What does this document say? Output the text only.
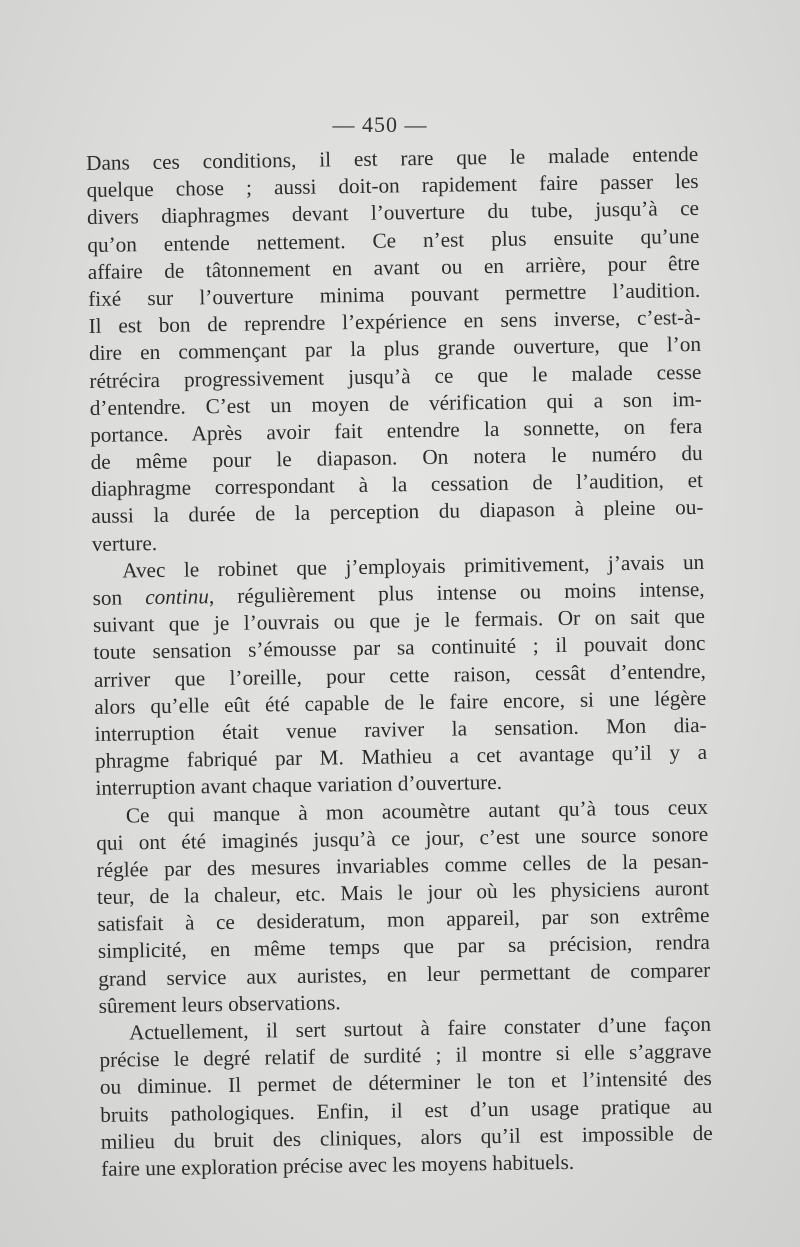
— 450 —
Dans ces conditions, il est rare que le malade entende
quelque chose ; aussi doit-on rapidement faire passer les
divers diaphragmes devant l’ouverture du tube, jusqu’à ce
qu’on entende nettement. Ce n’est plus ensuite qu’une
affaire de tâtonnement en avant ou en arrière, pour être
fixé sur l’ouverture minima pouvant permettre l’audition.
Il est bon de reprendre l’expérience en sens inverse, c’est-à-
dire en commençant par la plus grande ouverture, que l’on
rétrécira progressivement jusqu’à ce que le malade cesse
d’entendre. C’est un moyen de vérification qui a son im-
portance. Après avoir fait entendre la sonnette, on fera
de même pour le diapason. On notera le numéro du
diaphragme correspondant à la cessation de l’audition, et
aussi la durée de la perception du diapason à pleine ou-
verture.
Avec le robinet que j’employais primitivement, j’avais un
son continu, régulièrement plus intense ou moins intense,
suivant que je l’ouvrais ou que je le fermais. Or on sait que
toute sensation s’émousse par sa continuité ; il pouvait donc
arriver que l’oreille, pour cette raison, cessât d’entendre,
alors qu’elle eût été capable de le faire encore, si une légère
interruption était venue raviver la sensation. Mon dia-
phragme fabriqué par M. Mathieu a cet avantage qu’il y a
interruption avant chaque variation d’ouverture.
Ce qui manque à mon acoumètre autant qu’à tous ceux
qui ont été imaginés jusqu’à ce jour, c’est une source sonore
réglée par des mesures invariables comme celles de la pesan-
teur, de la chaleur, etc. Mais le jour où les physiciens auront
satisfait à ce desideratum, mon appareil, par son extrême
simplicité, en même temps que par sa précision, rendra
grand service aux auristes, en leur permettant de comparer
sûrement leurs observations.
Actuellement, il sert surtout à faire constater d’une façon
précise le degré relatif de surdité ; il montre si elle s’aggrave
ou diminue. Il permet de déterminer le ton et l’intensité des
bruits pathologiques. Enfin, il est d’un usage pratique au
milieu du bruit des cliniques, alors qu’il est impossible de
faire une exploration précise avec les moyens habituels.
